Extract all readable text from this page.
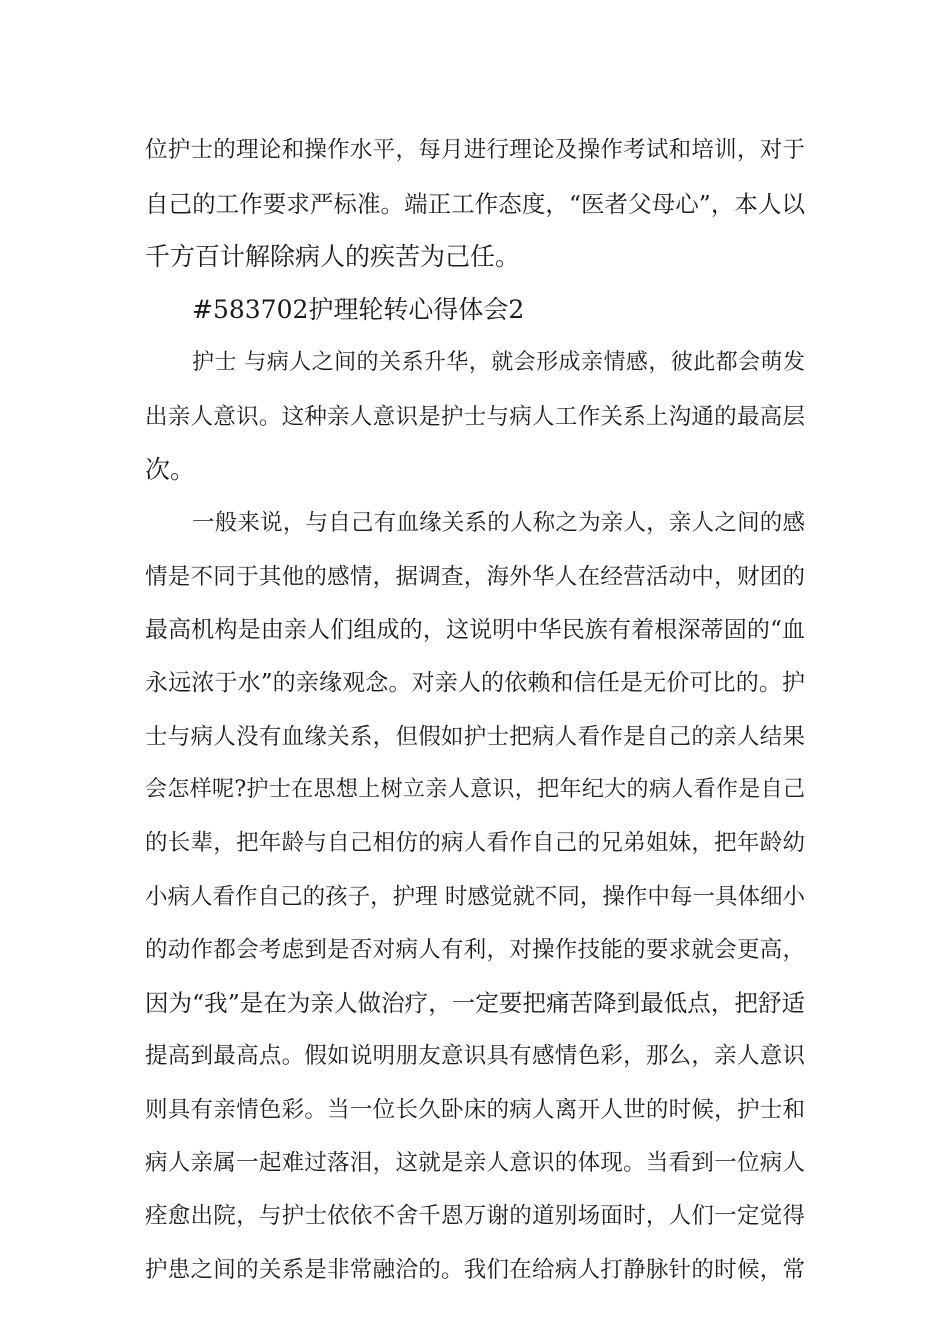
位护士的理论和操作水平，每月进行理论及操作考试和培训，对于
自己的工作要求严标准。端正工作态度，“医者父母心”，本人以
千方百计解除病人的疾苦为己任。
#583702护理轮转心得体会2
护士 与病人之间的关系升华，就会形成亲情感，彼此都会萌发
出亲人意识。这种亲人意识是护士与病人工作关系上沟通的最高层
次。
一般来说，与自己有血缘关系的人称之为亲人，亲人之间的感
情是不同于其他的感情，据调查，海外华人在经营活动中，财团的
最高机构是由亲人们组成的，这说明中华民族有着根深蒂固的“血
永远浓于水”的亲缘观念。对亲人的依赖和信任是无价可比的。护
士与病人没有血缘关系，但假如护士把病人看作是自己的亲人结果
会怎样呢?护士在思想上树立亲人意识，把年纪大的病人看作是自己
的长辈，把年龄与自己相仿的病人看作自己的兄弟姐妹，把年龄幼
小病人看作自己的孩子，护理 时感觉就不同，操作中每一具体细小
的动作都会考虑到是否对病人有利，对操作技能的要求就会更高，
因为“我”是在为亲人做治疗，一定要把痛苦降到最低点，把舒适
提高到最高点。假如说明朋友意识具有感情色彩，那么，亲人意识
则具有亲情色彩。当一位长久卧床的病人离开人世的时候，护士和
病人亲属一起难过落泪，这就是亲人意识的体现。当看到一位病人
痊愈出院，与护士依依不舍千恩万谢的道别场面时，人们一定觉得
护患之间的关系是非常融洽的。我们在给病人打静脉针的时候，常
